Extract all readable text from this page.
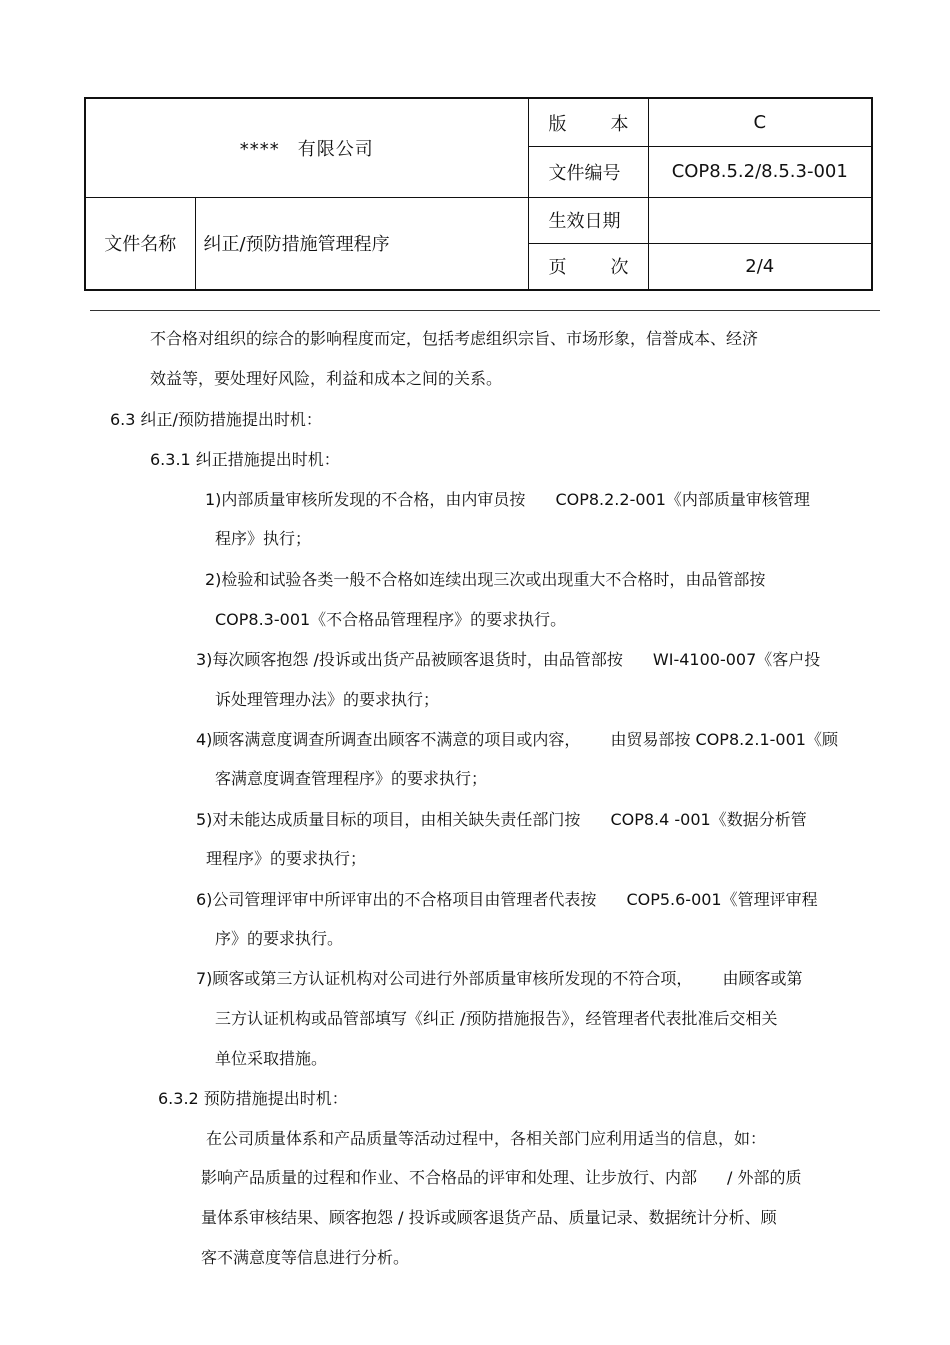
**** 有限公司		版 本	C
		文件编号	COP8.5.2/8.5.3-001
文件名称	纠正/预防措施管理程序	生效日期	

		页 次	2/4
不合格对组织的综合的影响程度而定，包括考虑组织宗旨、市场形象，信誉成本、经济
效益等，要处理好风险，利益和成本之间的关系。
6.3 纠正/预防措施提出时机：
6.3.1 纠正措施提出时机：
1)内部质量审核所发现的不合格，由内审员按 COP8.2.2-001《内部质量审核管理
程序》执行；
2)检验和试验各类一般不合格如连续出现三次或出现重大不合格时，由品管部按
COP8.3-001《不合格品管理程序》的要求执行。
3)每次顾客抱怨 /投诉或出货产品被顾客退货时，由品管部按 WI-4100-007《客户投
诉处理管理办法》的要求执行；
4)顾客满意度调查所调查出顾客不满意的项目或内容， 由贸易部按 COP8.2.1-001《顾
客满意度调查管理程序》的要求执行；
5)对未能达成质量目标的项目，由相关缺失责任部门按 COP8.4 -001《数据分析管
理程序》的要求执行；
6)公司管理评审中所评审出的不合格项目由管理者代表按 COP5.6-001《管理评审程
序》的要求执行。
7)顾客或第三方认证机构对公司进行外部质量审核所发现的不符合项， 由顾客或第
三方认证机构或品管部填写《纠正 /预防措施报告》，经管理者代表批准后交相关
单位采取措施。
6.3.2 预防措施提出时机：
在公司质量体系和产品质量等活动过程中，各相关部门应利用适当的信息，如：
影响产品质量的过程和作业、不合格品的评审和处理、让步放行、内部 / 外部的质
量体系审核结果、顾客抱怨 / 投诉或顾客退货产品、质量记录、数据统计分析、顾
客不满意度等信息进行分析。
